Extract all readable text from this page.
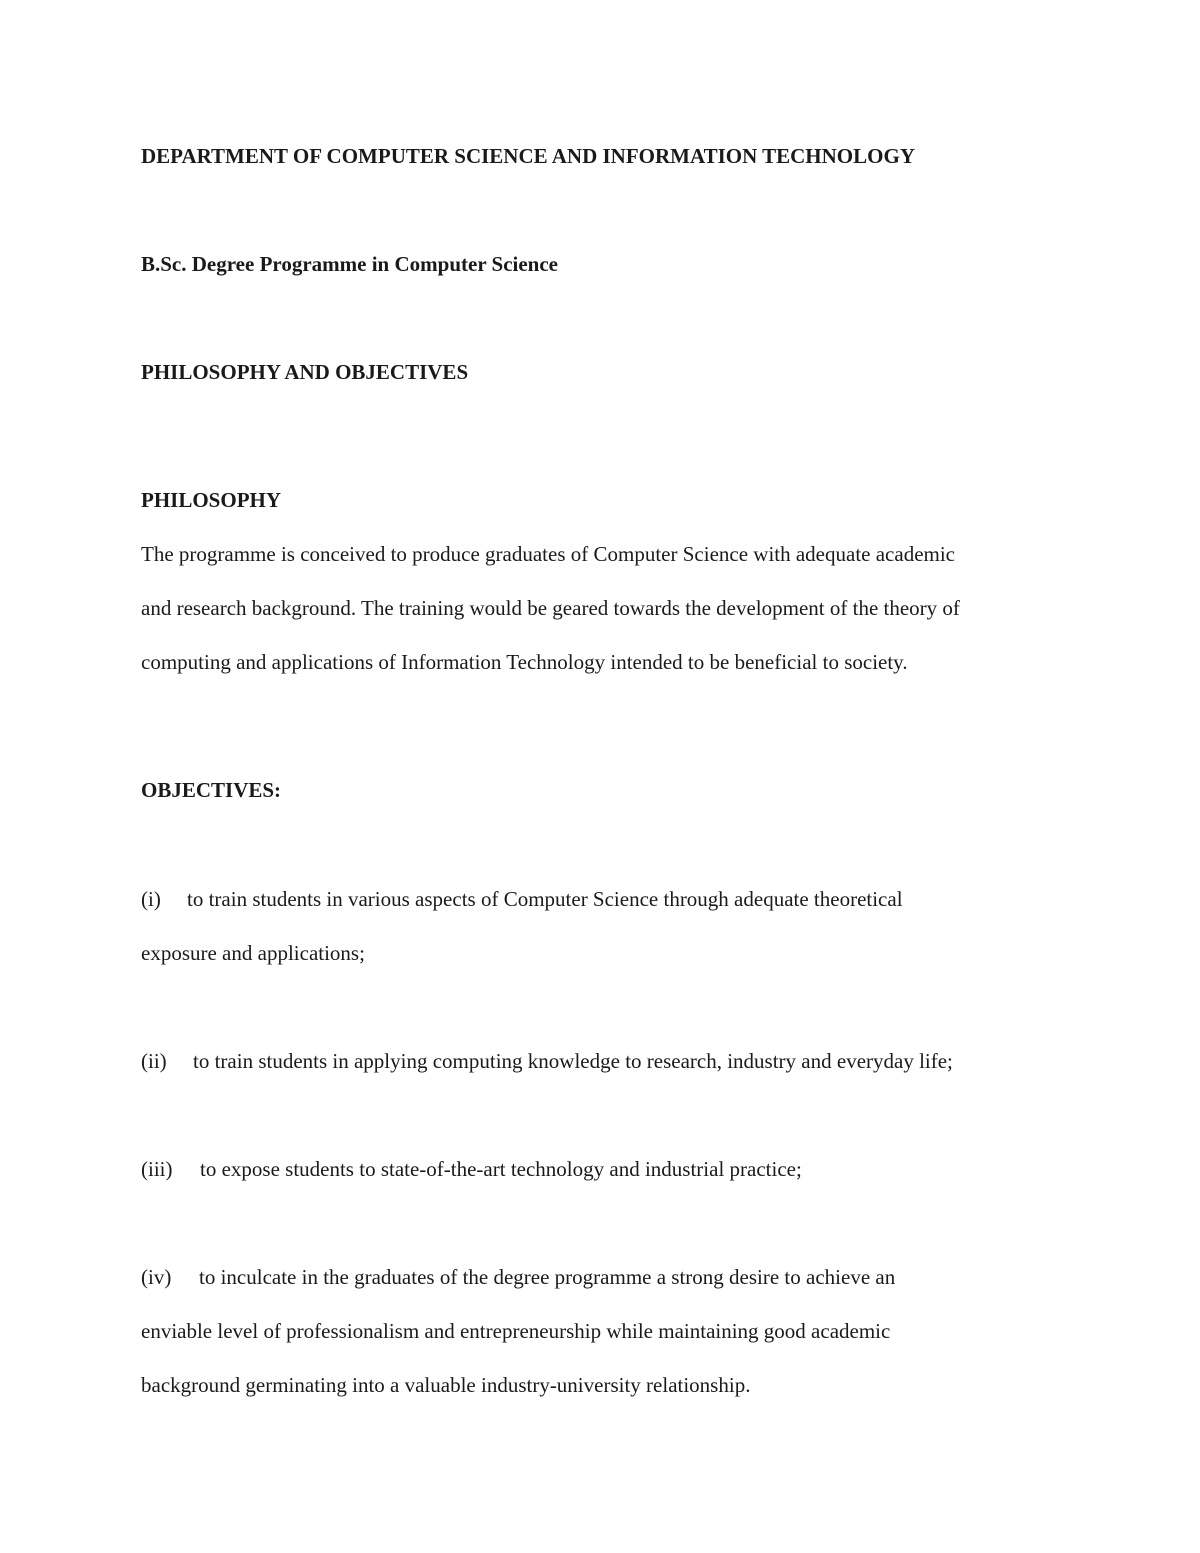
DEPARTMENT OF COMPUTER SCIENCE AND INFORMATION TECHNOLOGY
B.Sc. Degree Programme in Computer Science
PHILOSOPHY AND OBJECTIVES
PHILOSOPHY
The programme is conceived to produce graduates of Computer Science with adequate academic
and research background. The training would be geared towards the development of the theory of
computing and applications of Information Technology intended to be beneficial to society.
OBJECTIVES:
(i) to train students in various aspects of Computer Science through adequate theoretical
exposure and applications;
(ii) to train students in applying computing knowledge to research, industry and everyday life;
(iii) to expose students to state-of-the-art technology and industrial practice;
(iv) to inculcate in the graduates of the degree programme a strong desire to achieve an
enviable level of professionalism and entrepreneurship while maintaining good academic
background germinating into a valuable industry-university relationship.
